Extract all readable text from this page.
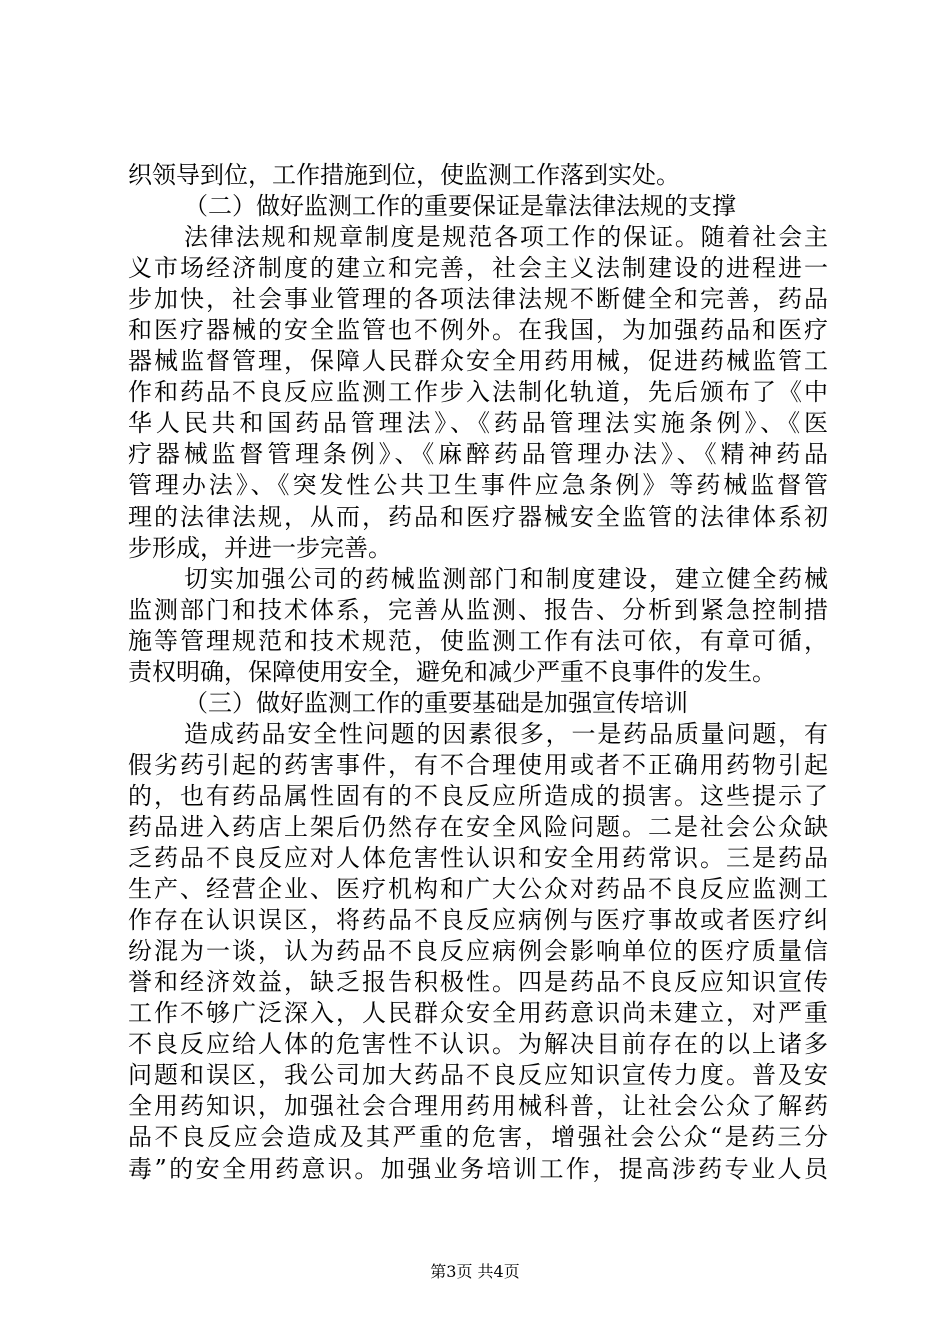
织领导到位，工作措施到位，使监测工作落到实处。
（二）做好监测工作的重要保证是靠法律法规的支撑
法律法规和规章制度是规范各项工作的保证。随着社会主
义市场经济制度的建立和完善，社会主义法制建设的进程进一
步加快，社会事业管理的各项法律法规不断健全和完善，药品
和医疗器械的安全监管也不例外。在我国，为加强药品和医疗
器械监督管理，保障人民群众安全用药用械，促进药械监管工
作和药品不良反应监测工作步入法制化轨道，先后颁布了《中
华人民共和国药品管理法》、《药品管理法实施条例》、《医
疗器械监督管理条例》、《麻醉药品管理办法》、《精神药品
管理办法》、《突发性公共卫生事件应急条例》等药械监督管
理的法律法规，从而，药品和医疗器械安全监管的法律体系初
步形成，并进一步完善。
切实加强公司的药械监测部门和制度建设，建立健全药械
监测部门和技术体系，完善从监测、报告、分析到紧急控制措
施等管理规范和技术规范，使监测工作有法可依，有章可循，
责权明确，保障使用安全，避免和减少严重不良事件的发生。
（三）做好监测工作的重要基础是加强宣传培训
造成药品安全性问题的因素很多，一是药品质量问题，有
假劣药引起的药害事件，有不合理使用或者不正确用药物引起
的，也有药品属性固有的不良反应所造成的损害。这些提示了
药品进入药店上架后仍然存在安全风险问题。二是社会公众缺
乏药品不良反应对人体危害性认识和安全用药常识。三是药品
生产、经营企业、医疗机构和广大公众对药品不良反应监测工
作存在认识误区，将药品不良反应病例与医疗事故或者医疗纠
纷混为一谈，认为药品不良反应病例会影响单位的医疗质量信
誉和经济效益，缺乏报告积极性。四是药品不良反应知识宣传
工作不够广泛深入，人民群众安全用药意识尚未建立，对严重
不良反应给人体的危害性不认识。为解决目前存在的以上诸多
问题和误区，我公司加大药品不良反应知识宣传力度。普及安
全用药知识，加强社会合理用药用械科普，让社会公众了解药
品不良反应会造成及其严重的危害，增强社会公众“是药三分
毒”的安全用药意识。加强业务培训工作，提高涉药专业人员
第3页 共4页
